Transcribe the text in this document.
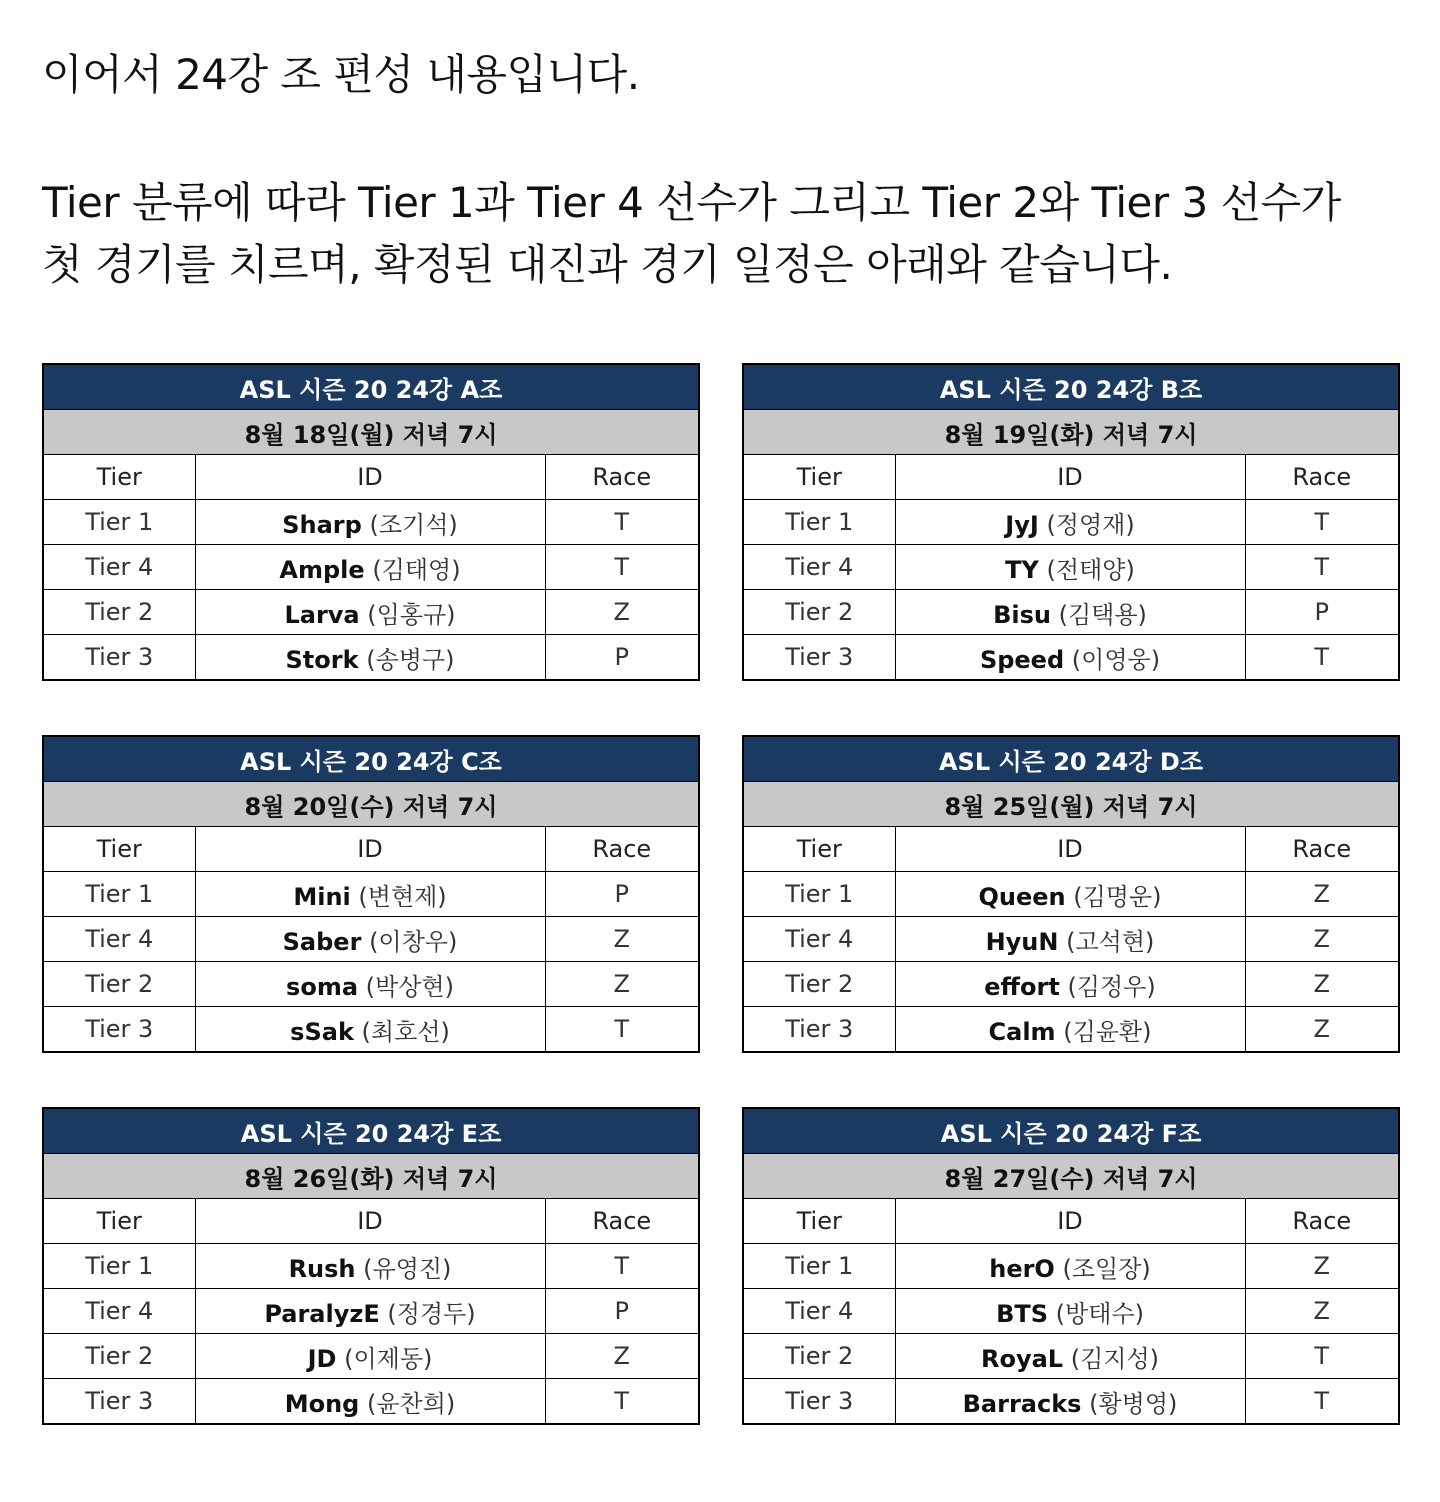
이어서 24강 조 편성 내용입니다.

Tier 분류에 따라 Tier 1과 Tier 4 선수가 그리고 Tier 2와 Tier 3 선수가 첫 경기를 치르며, 확정된 대진과 경기 일정은 아래와 같습니다.

ASL 시즌 20 24강 A조		
8월 18일(월) 저녁 7시		
Tier	ID	Race
Tier 1	Sharp (조기석)	T
Tier 4	Ample (김태영)	T
Tier 2	Larva (임홍규)	Z
Tier 3	Stork (송병구)	P
ASL 시즌 20 24강 B조		
8월 19일(화) 저녁 7시		
Tier	ID	Race
Tier 1	JyJ (정영재)	T
Tier 4	TY (전태양)	T
Tier 2	Bisu (김택용)	P
Tier 3	Speed (이영웅)	T
ASL 시즌 20 24강 C조		
8월 20일(수) 저녁 7시		
Tier	ID	Race
Tier 1	Mini (변현제)	P
Tier 4	Saber (이창우)	Z
Tier 2	soma (박상현)	Z
Tier 3	sSak (최호선)	T
ASL 시즌 20 24강 D조		
8월 25일(월) 저녁 7시		
Tier	ID	Race
Tier 1	Queen (김명운)	Z
Tier 4	HyuN (고석현)	Z
Tier 2	effort (김정우)	Z
Tier 3	Calm (김윤환)	Z
ASL 시즌 20 24강 E조		
8월 26일(화) 저녁 7시		
Tier	ID	Race
Tier 1	Rush (유영진)	T
Tier 4	ParalyzE (정경두)	P
Tier 2	JD (이제동)	Z
Tier 3	Mong (윤찬희)	T
ASL 시즌 20 24강 F조		
8월 27일(수) 저녁 7시		
Tier	ID	Race
Tier 1	herO (조일장)	Z
Tier 4	BTS (방태수)	Z
Tier 2	RoyaL (김지성)	T
Tier 3	Barracks (황병영)	T
